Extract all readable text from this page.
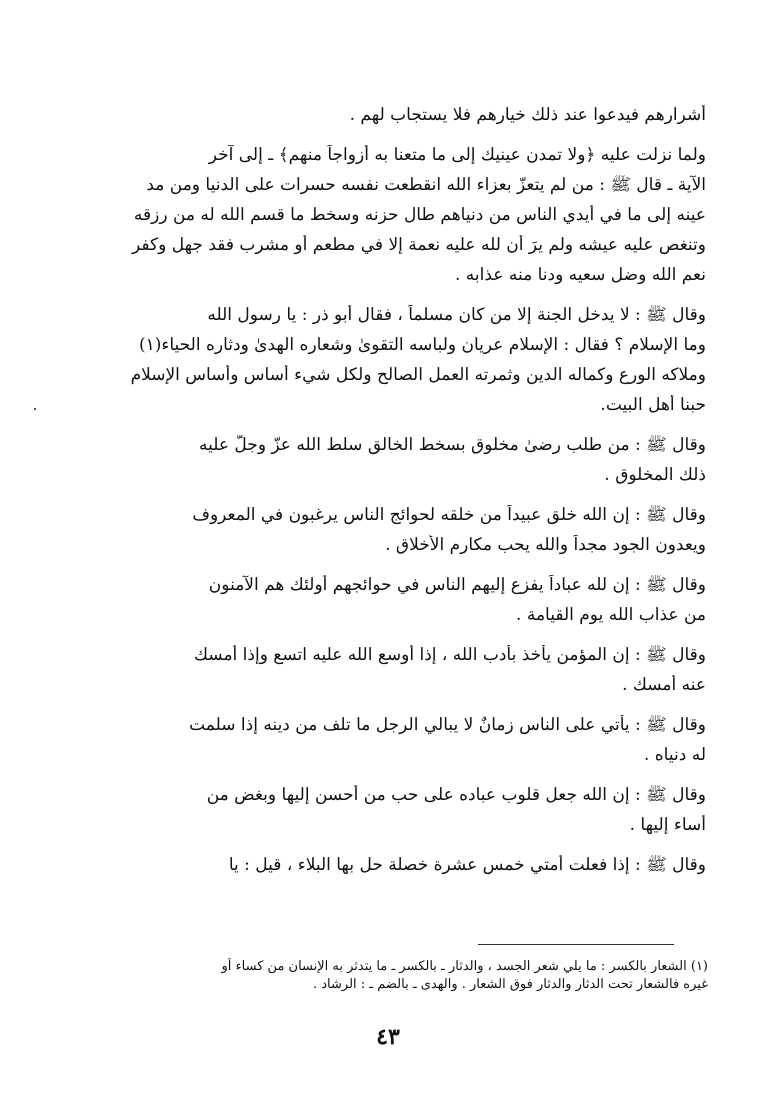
أشرارهم فيدعوا عند ذلك خيارهم فلا يستجاب لهم .
ولما نزلت عليه ﴿ولا تمدن عينيك إلى ما متعنا به أزواجاً منهم﴾ ـ إلى آخر
الآية ـ قال ﷺ : من لم يتعزّ بعزاء الله انقطعت نفسه حسرات على الدنيا ومن مد
عينه إلى ما في أيدي الناس من دنياهم طال حزنه وسخط ما قسم الله له من رزقه
وتنغص عليه عيشه ولم يرَ أن لله عليه نعمة إلا في مطعم أو مشرب فقد جهل وكفر
نعم الله وضل سعيه ودنا منه عذابه .
وقال ﷺ : لا يدخل الجنة إلا من كان مسلماً ، فقال أبو ذر : يا رسول الله
وما الإسلام ؟ فقال : الإسلام عريان ولباسه التقوىٰ وشعاره الهدىٰ ودثاره الحياء(١)
وملاكه الورع وكماله الدين وثمرته العمل الصالح ولكل شيء أساس وأساس الإسلام
حبنا أهل البيت.
وقال ﷺ : من طلب رضىٰ مخلوق بسخط الخالق سلط الله عزّ وجلّ عليه
ذلك المخلوق .
وقال ﷺ : إن الله خلق عبيداً من خلقه لحوائج الناس يرغبون في المعروف
ويعدون الجود مجداً والله يحب مكارم الأخلاق .
وقال ﷺ : إن لله عباداً يفزع إليهم الناس في حوائجهم أولئك هم الآمنون
من عذاب الله يوم القيامة .
وقال ﷺ : إن المؤمن يأخذ بأدب الله ، إذا أوسع الله عليه اتسع وإذا أمسك
عنه أمسك .
وقال ﷺ : يأتي على الناس زمانٌ لا يبالي الرجل ما تلف من دينه إذا سلمت
له دنياه .
وقال ﷺ : إن الله جعل قلوب عباده على حب من أحسن إليها وبغض من
أساء إليها .
وقال ﷺ : إذا فعلت أُمتي خمس عشرة خصلة حل بها البلاء ، قيل : يا
(١) الشعار بالكسر : ما يلي شعر الجسد ، والدثار ـ بالكسر ـ ما يتدثر به الإنسان من كساء أو
غيره فالشعار تحت الدثار والدثار فوق الشعار . والهدى ـ بالضم ـ : الرشاد .
٤٣
